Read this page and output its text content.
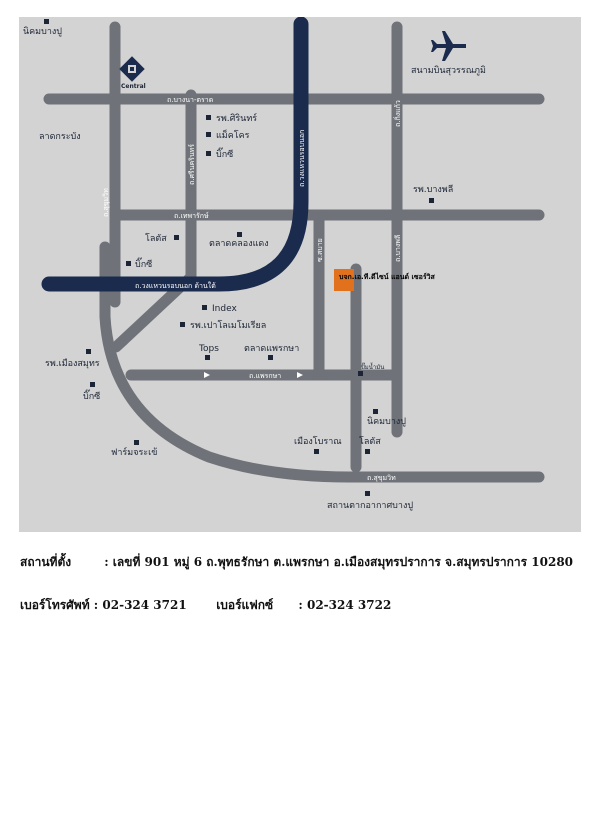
ถ.บางนา-ตราด
ถ.เทพารักษ์
ถ.วงแหวนรอบนอก ด้านใต้
ถ.แพรกษา
ถ.สุขุมวิท
ถ.วงแหวนรอบนอก
ถ.ศรีนครินทร์
ถ.สุขุมวิท
ถ.กิ่งแก้ว
ถ.บางพลี
ซ.สบาย
Central
บจก.เอ.ที.ดีไซน์ แอนด์ เซอร์วิส
นิคมบางปู
สนามบินสุวรรณภูมิ
ลาดกระบัง
รพ.ศิรินทร์
แม็คโคร
บิ๊กซี
รพ.บางพลี
โลตัส	ตลาดคลองแดง
บิ๊กซี
Index
รพ.เปาโลเมโมเรียล
Tops	ตลาดแพรกษา
ปั๊มน้ำมัน
รพ.เมืองสมุทร
บิ๊กซี
นิคมบางปู
ฟาร์มจระเข้
เมืองโบราณ โลตัส
สถานตากอากาศบางปู
สถานที่ตั้ง	: เลขที่ 901 หมู่ 6 ถ.พุทธรักษา ต.แพรกษา อ.เมืองสมุทรปราการ จ.สมุทรปราการ 10280
เบอร์โทรศัพท์ : 02-324 3721 เบอร์แฟกซ์ : 02-324 3722
